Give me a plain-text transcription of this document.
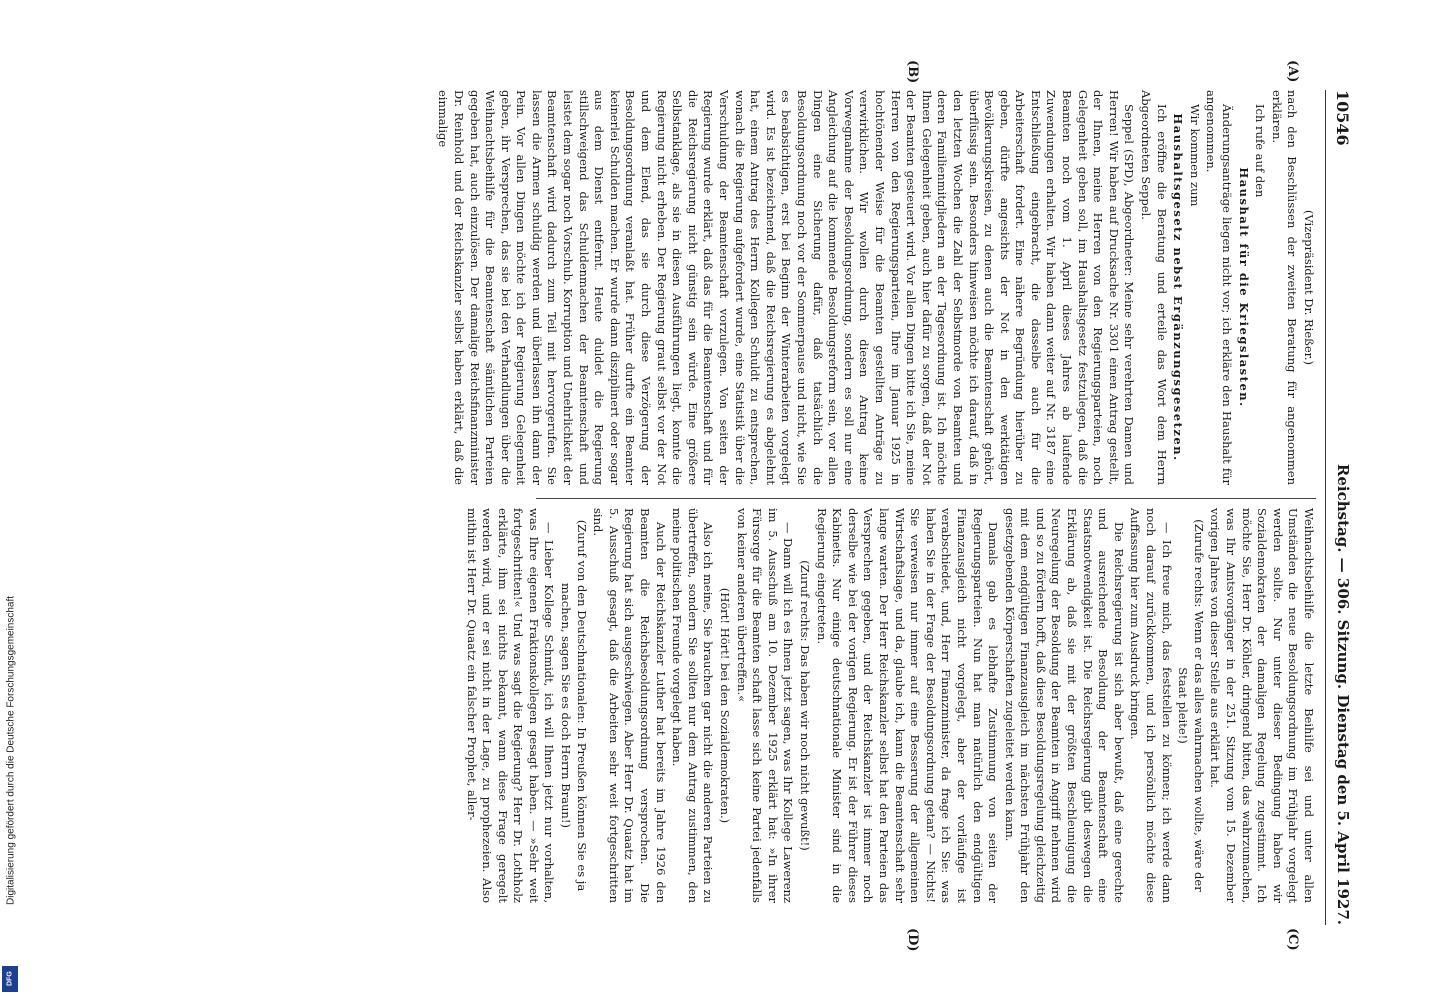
10546
Reichstag. — 306. Sitzung. Dienstag den 5. April 1927.
(A)
(B)
(C)
(D)

(Vizepräsident Dr. Rießer.)

nach den Beschlüssen der zweiten Beratung für angenommen erklären.

Ich rufe auf den

Haushalt für die Kriegslasten.

Änderungsanträge liegen nicht vor; ich erkläre den Haushalt für angenommen.

Wir kommen zum

Haushaltsgesetz nebst Ergänzungsgesetzen.

Ich eröffne die Beratung und erteile das Wort dem Herrn Abgeordneten Seppel.

Seppel (SPD), Abgeordneter: Meine sehr verehrten Damen und Herren! Wir haben auf Drucksache Nr. 3301 einen Antrag gestellt, der Ihnen, meine Herren von den Regierungsparteien, noch Gelegenheit geben soll, im Haushaltsgesetz festzulegen, daß die Beamten noch vom 1. April dieses Jahres ab laufende Zuwendungen erhalten. Wir haben dann weiter auf Nr. 3187 eine Entschließung eingebracht, die dasselbe auch für die Arbeiterschaft fordert. Eine nähere Begründung hierüber zu geben, dürfte angesichts der Not in den werktätigen Bevölkerungskreisen, zu denen auch die Beamtenschaft gehört, überflüssig sein. Besonders hinweisen möchte ich darauf, daß in den letzten Wochen die Zahl der Selbstmorde von Beamten und deren Familienmitgliedern an der Tagesordnung ist. Ich möchte Ihnen Gelegenheit geben, auch hier dafür zu sorgen, daß der Not der Beamten gesteuert wird. Vor allen Dingen bitte ich Sie, meine Herren von den Regierungsparteien, Ihre im Januar 1925 in hochtönender Weise für die Beamten gestellten Anträge zu verwirklichen. Wir wollen durch diesen Antrag keine Vorwegnahme der Besoldungsordnung, sondern es soll nur eine Angleichung auf die kommende Besoldungsreform sein, vor allen Dingen eine Sicherung dafür, daß tatsächlich die Besoldungsordnung noch vor der Sommerpause und nicht, wie Sie es beabsichtigen, erst bei Beginn der Winterarbeiten vorgelegt wird. Es ist bezeichnend, daß die Reichsregierung es abgelehnt hat, einem Antrag des Herrn Kollegen Schuldt zu entsprechen, wonach die Regierung aufgefordert wurde, eine Statistik über die Verschuldung der Beamtenschaft vorzulegen. Von seiten der Regierung wurde erklärt, daß das für die Beamtenschaft und für die Reichsregierung nicht günstig sein würde. Eine größere Selbstanklage, als sie in diesen Ausführungen liegt, konnte die Regierung nicht erheben. Der Regierung graut selbst vor der Not und dem Elend, das sie durch diese Verzögerung der Besoldungsordnung veranlaßt hat. Früher durfte ein Beamter keinerlei Schulden machen. Er wurde dann disziplinert oder sogar aus dem Dienst entfernt. Heute duldet die Regierung stillschweigend das Schuldenmachen der Beamtenschaft und leistet dem sogar noch Vorschub. Korruption und Unehrlichkeit der Beamtenschaft wird dadurch zum Teil mit hervorgerufen. Sie lassen die Armen schuldig werden und überlassen ihn dann der Pein. Vor allen Dingen möchte ich der Regierung Gelegenheit geben, ihr Versprechen, das sie bei den Verhandlungen über die Weihnachtsbeihilfe für die Beamtenschaft sämtlichen Parteien gegeben hat, auch einzulösen. Der damalige Reichsfinanzminister Dr. Reinhold und der Reichskanzler selbst haben erklärt, daß die einmalige

Weihnachtsbeihilfe die letzte Beihilfe sei und unter allen Umständen die neue Besoldungsordnung im Frühjahr vorgelegt werden sollte. Nur unter dieser Bedingung haben wir Sozialdemokraten der damaligen Regelung zugestimmt. Ich möchte Sie, Herr Dr. Köhler, dringend bitten, das wahrzumachen, was Ihr Amtsvorgänger in der 251. Sitzung vom 15. Dezember vorigen Jahres von dieser Stelle aus erklärt hat.

(Zurufe rechts: Wenn er das alles wahrmachen wollte, wäre der Staat pleite!)

— Ich freue mich, das feststellen zu können; ich werde dann noch darauf zurückkommen, und ich persönlich möchte diese Auffassung hier zum Ausdruck bringen.

Die Reichsregierung ist sich aber bewußt, daß eine gerechte und ausreichende Besoldung der Beamtenschaft eine Staatsnotwendigkeit ist. Die Reichsregierung gibt deswegen die Erklärung ab, daß sie mit der größten Beschleunigung die Neuregelung der Besoldung der Beamten in Angriff nehmen wird und so zu fördern hofft, daß diese Besoldungsregelung gleichzeitig mit dem endgültigen Finanzausgleich im nächsten Frühjahr den gesetzgebenden Körperschaften zugeleitet werden kann.

Damals gab es lebhafte Zustimmung von seiten der Regierungsparteien. Nun hat man natürlich den endgültigen Finanzausgleich nicht vorgelegt, aber der vorläufige ist verabschiedet, und, Herr Finanzminister, da frage ich Sie: was haben Sie in der Frage der Besoldungsordnung getan? — Nichts! Sie verweisen nur immer auf eine Besserung der allgemeinen Wirtschaftslage, und da, glaube ich, kann die Beamtenschaft sehr lange warten. Der Herr Reichskanzler selbst hat den Parteien das Versprechen gegeben, und der Reichskanzler ist immer noch derselbe wie bei der vorigen Regierung. Er ist der Führer dieses Kabinetts. Nur einige deutschnationale Minister sind in die Regierung eingetreten.

(Zuruf rechts: Das haben wir noch nicht gewußt!)

— Dann will ich es Ihnen jetzt sagen, was Ihr Kollege Lawerenz im 5. Ausschuß am 10. Dezember 1925 erklärt hat: »In ihrer Fürsorge für die Beamten schaft lasse sich keine Partei jedenfalls von keiner anderen übertreffen.«

(Hört! Hört! bei den Sozialdemokraten.)

Also ich meine, Sie brauchen gar nicht die anderen Parteien zu übertreffen, sondern Sie sollten nur dem Antrag zustimmen, den meine politischen Freunde vorgelegt haben.

Auch der Reichskanzler Luther hat bereits im Jahre 1926 den Beamten die Reichsbesoldungsordnung versprochen. Die Regierung hat sich ausgeschwiegen. Aber Herr Dr. Quaatz hat im 5. Ausschuß gesagt, daß die Arbeiten sehr weit fortgeschritten sind.

(Zuruf von den Deutschnationalen: In Preußen können Sie es ja machen, sagen Sie es doch Herrn Braun!)

— Lieber Kollege Schmidt, ich will Ihnen jetzt nur vorhalten, was Ihre eigenen Fraktionskollegen gesagt haben. — »Sehr weit fortgeschritten!« Und was sagt die Regierung? Herr Dr. Lothholz erklärte, ihm sei nichts bekannt, wann diese Frage geregelt werden wird, und er sei nicht in der Lage, zu prophezeien. Also mithin ist Herr Dr. Quaatz ein falscher Prophet, aller-

Digitalisierung gefördert durch die Deutsche Forschungsgemeinschaft
DFG
